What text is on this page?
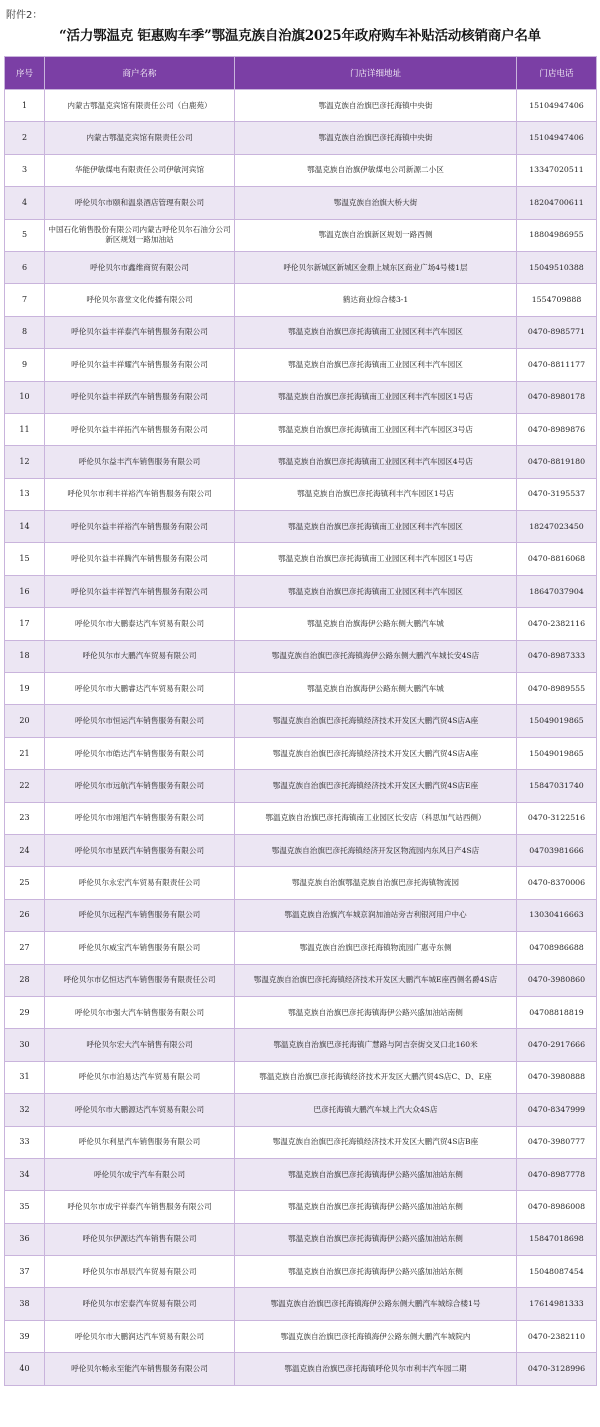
附件2：
“活力鄂温克 钜惠购车季”鄂温克族自治旗2025年政府购车补贴活动核销商户名单
序号	商户名称	门店详细地址	门店电话
1	内蒙古鄂温克宾馆有限责任公司（白鹿苑）	鄂温克族自治旗巴彦托海镇中央街	15104947406
2	内蒙古鄂温克宾馆有限责任公司	鄂温克族自治旗巴彦托海镇中央街	15104947406
3	华能伊敏煤电有限责任公司伊敏河宾馆	鄂温克族自治旗伊敏煤电公司新源二小区	13347020511
4	呼伦贝尔市颐和温泉酒店管理有限公司	鄂温克族自治旗大桥大街	18204700611
5	中国石化销售股份有限公司内蒙古呼伦贝尔石油分公司新区规划一路加油站	鄂温克族自治旗新区规划一路西侧	18804986955
6	呼伦贝尔市鑫维商贸有限公司	呼伦贝尔新城区新城区金鼎上城东区商业广场4号楼1层	15049510388
7	呼伦贝尔喜堂文化传播有限公司	鹤达商业综合楼3-1	1554709888
8	呼伦贝尔益丰祥泰汽车销售服务有限公司	鄂温克族自治旗巴彦托海镇南工业园区利丰汽车园区	0470-8985771
9	呼伦贝尔益丰祥耀汽车销售服务有限公司	鄂温克族自治旗巴彦托海镇南工业园区利丰汽车园区	0470-8811177
10	呼伦贝尔益丰祥跃汽车销售服务有限公司	鄂温克族自治旗巴彦托海镇南工业园区利丰汽车园区1号店	0470-8980178
11	呼伦贝尔益丰祥拓汽车销售服务有限公司	鄂温克族自治旗巴彦托海镇南工业园区利丰汽车园区3号店	0470-8989876
12	呼伦贝尔益丰汽车销售服务有限公司	鄂温克族自治旗巴彦托海镇南工业园区利丰汽车园区4号店	0470-8819180
13	呼伦贝尔市利丰祥裕汽车销售服务有限公司	鄂温克族自治旗巴彦托海镇利丰汽车园区1号店	0470-3195537
14	呼伦贝尔益丰祥裕汽车销售服务有限公司	鄂温克族自治旗巴彦托海镇南工业园区利丰汽车园区	18247023450
15	呼伦贝尔益丰祥腾汽车销售服务有限公司	鄂温克族自治旗巴彦托海镇南工业园区利丰汽车园区1号店	0470-8816068
16	呼伦贝尔益丰祥智汽车销售服务有限公司	鄂温克族自治旗巴彦托海镇南工业园区利丰汽车园区	18647037904
17	呼伦贝尔市大鹏泰达汽车贸易有限公司	鄂温克族自治旗海伊公路东侧大鹏汽车城	0470-2382116
18	呼伦贝尔市大鹏汽车贸易有限公司	鄂温克族自治旗巴彦托海镇海伊公路东侧大鹏汽车城长安4S店	0470-8987333
19	呼伦贝尔市大鹏睿达汽车贸易有限公司	鄂温克族自治旗海伊公路东侧大鹏汽车城	0470-8989555
20	呼伦贝尔市恒运汽车销售服务有限公司	鄂温克族自治旗巴彦托海镇经济技术开发区大鹏汽贸4S店A座	15049019865
21	呼伦贝尔市皓达汽车销售服务有限公司	鄂温克族自治旗巴彦托海镇经济技术开发区大鹏汽贸4S店A座	15049019865
22	呼伦贝尔市远航汽车销售服务有限公司	鄂温克族自治旗巴彦托海镇经济技术开发区大鹏汽贸4S店E座	15847031740
23	呼伦贝尔市翊旭汽车销售服务有限公司	鄂温克族自治旗巴彦托海镇南工业园区长安店（科思加气站西侧）	0470-3122516
24	呼伦贝尔市星跃汽车销售服务有限公司	鄂温克族自治旗巴彦托海镇经济开发区物流园内东风日产4S店	04703981666
25	呼伦贝尔永宏汽车贸易有限责任公司	鄂温克族自治旗鄂温克族自治旗巴彦托海镇物流园	0470-8370006
26	呼伦贝尔远程汽车销售服务有限公司	鄂温克族自治旗汽车城京润加油站旁吉利银河用户中心	13030416663
27	呼伦贝尔威宝汽车销售服务有限公司	鄂温克族自治旗巴彦托海镇物流园广惠寺东侧	04708986688
28	呼伦贝尔市亿恒达汽车销售服务有限责任公司	鄂温克族自治旗巴彦托海镇经济技术开发区大鹏汽车城E座西侧名爵4S店	0470-3980860
29	呼伦贝尔市强大汽车销售服务有限公司	鄂温克族自治旗巴彦托海镇海伊公路兴盛加油站南侧	04708818819
30	呼伦贝尔宏大汽车销售有限公司	鄂温克族自治旗巴彦托海镇广慧路与阿吉奈街交叉口北160米	0470-2917666
31	呼伦贝尔市泊易达汽车贸易有限公司	鄂温克族自治旗巴彦托海镇经济技术开发区大鹏汽贸4S店C、D、E座	0470-3980888
32	呼伦贝尔市大鹏源达汽车贸易有限公司	巴彦托海镇大鹏汽车城上汽大众4S店	0470-8347999
33	呼伦贝尔利星汽车销售服务有限公司	鄂温克族自治旗巴彦托海镇经济技术开发区大鹏汽贸4S店B座	0470-3980777
34	呼伦贝尔成宇汽车有限公司	鄂温克族自治旗巴彦托海镇海伊公路兴盛加油站东侧	0470-8987778
35	呼伦贝尔市成宇祥泰汽车销售服务有限公司	鄂温克族自治旗巴彦托海镇海伊公路兴盛加油站东侧	0470-8986008
36	呼伦贝尔伊源达汽车销售有限公司	鄂温克族自治旗巴彦托海镇海伊公路兴盛加油站东侧	15847018698
37	呼伦贝尔市昂辰汽车贸易有限公司	鄂温克族自治旗巴彦托海镇海伊公路兴盛加油站东侧	15048087454
38	呼伦贝尔市宏泰汽车贸易有限公司	鄂温克族自治旗巴彦托海镇海伊公路东侧大鹏汽车城综合楼1号	17614981333
39	呼伦贝尔市大鹏润达汽车贸易有限公司	鄂温克族自治旗巴彦托海镇海伊公路东侧大鹏汽车城院内	0470-2382110
40	呼伦贝尔畅永至能汽车销售服务有限公司	鄂温克族自治旗巴彦托海镇呼伦贝尔市利丰汽车园二期	0470-3128996
